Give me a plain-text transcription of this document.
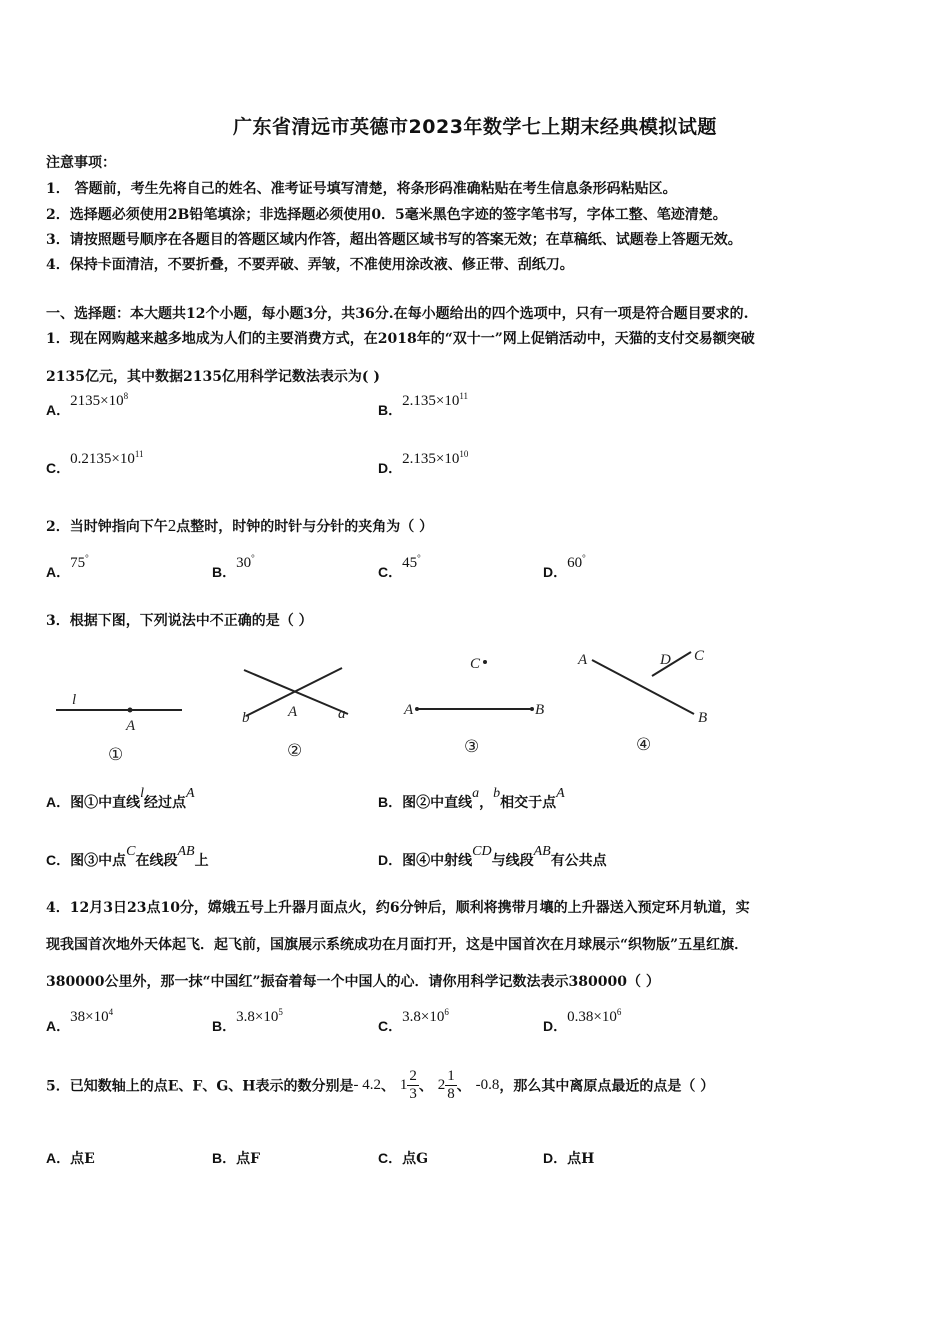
广东省清远市英德市2023年数学七上期末经典模拟试题
注意事项：
1． 答题前，考生先将自己的姓名、准考证号填写清楚，将条形码准确粘贴在考生信息条形码粘贴区。
2．选择题必须使用2B铅笔填涂；非选择题必须使用0．5毫米黑色字迹的签字笔书写，字体工整、笔迹清楚。
3．请按照题号顺序在各题目的答题区域内作答，超出答题区域书写的答案无效；在草稿纸、试题卷上答题无效。
4．保持卡面清洁，不要折叠，不要弄破、弄皱，不准使用涂改液、修正带、刮纸刀。
一、选择题：本大题共12个小题，每小题3分，共36分.在每小题给出的四个选项中，只有一项是符合题目要求的.
1．现在网购越来越多地成为人们的主要消费方式，在2018年的“双十一”网上促销活动中，天猫的支付交易额突破
2135亿元，其中数据2135亿用科学记数法表示为( )
A．$2135\times 10^8$
B．$2.135\times 10^{11}$
C．$0.2135\times 10^{11}$
D．$2.135\times 10^{10}$
2．当时钟指向下午2点整时，时钟的时针与分针的夹角为（ ）
A．75°
B．30°
C．45°
D．60°
3．根据下图，下列说法中不正确的是（ ）
l
A
①
A
b	a
②
A	B
C
③
A
B
C
D
④
A．图①中直线l经过点A
B．图②中直线a，b相交于点A
C．图③中点C在线段AB上	D．图④中射线CD与线段AB有公共点
4．12月3日23点10分，嫦娥五号上升器月面点火，约6分钟后，顺利将携带月壤的上升器送入预定环月轨道，实
现我国首次地外天体起飞．起飞前，国旗展示系统成功在月面打开，这是中国首次在月球展示“织物版”五星红旗．
380000公里外，那一抹“中国红”振奋着每一个中国人的心．请你用科学记数法表示380000（ ）
A．$38\times 10^4$
B．$3.8\times 10^5$
C．$3.8\times 10^6$
D．$0.38\times 10^6$
5．已知数轴上的点E、F、G、H表示的数分别是- 4.2、 $1 \frac{2}{3}$ 、 $2 \frac{1}{8}$ 、 -0.8，那么其中离原点最近的点是（ ）
A．点E	B．点F	C．点G	D．点H
